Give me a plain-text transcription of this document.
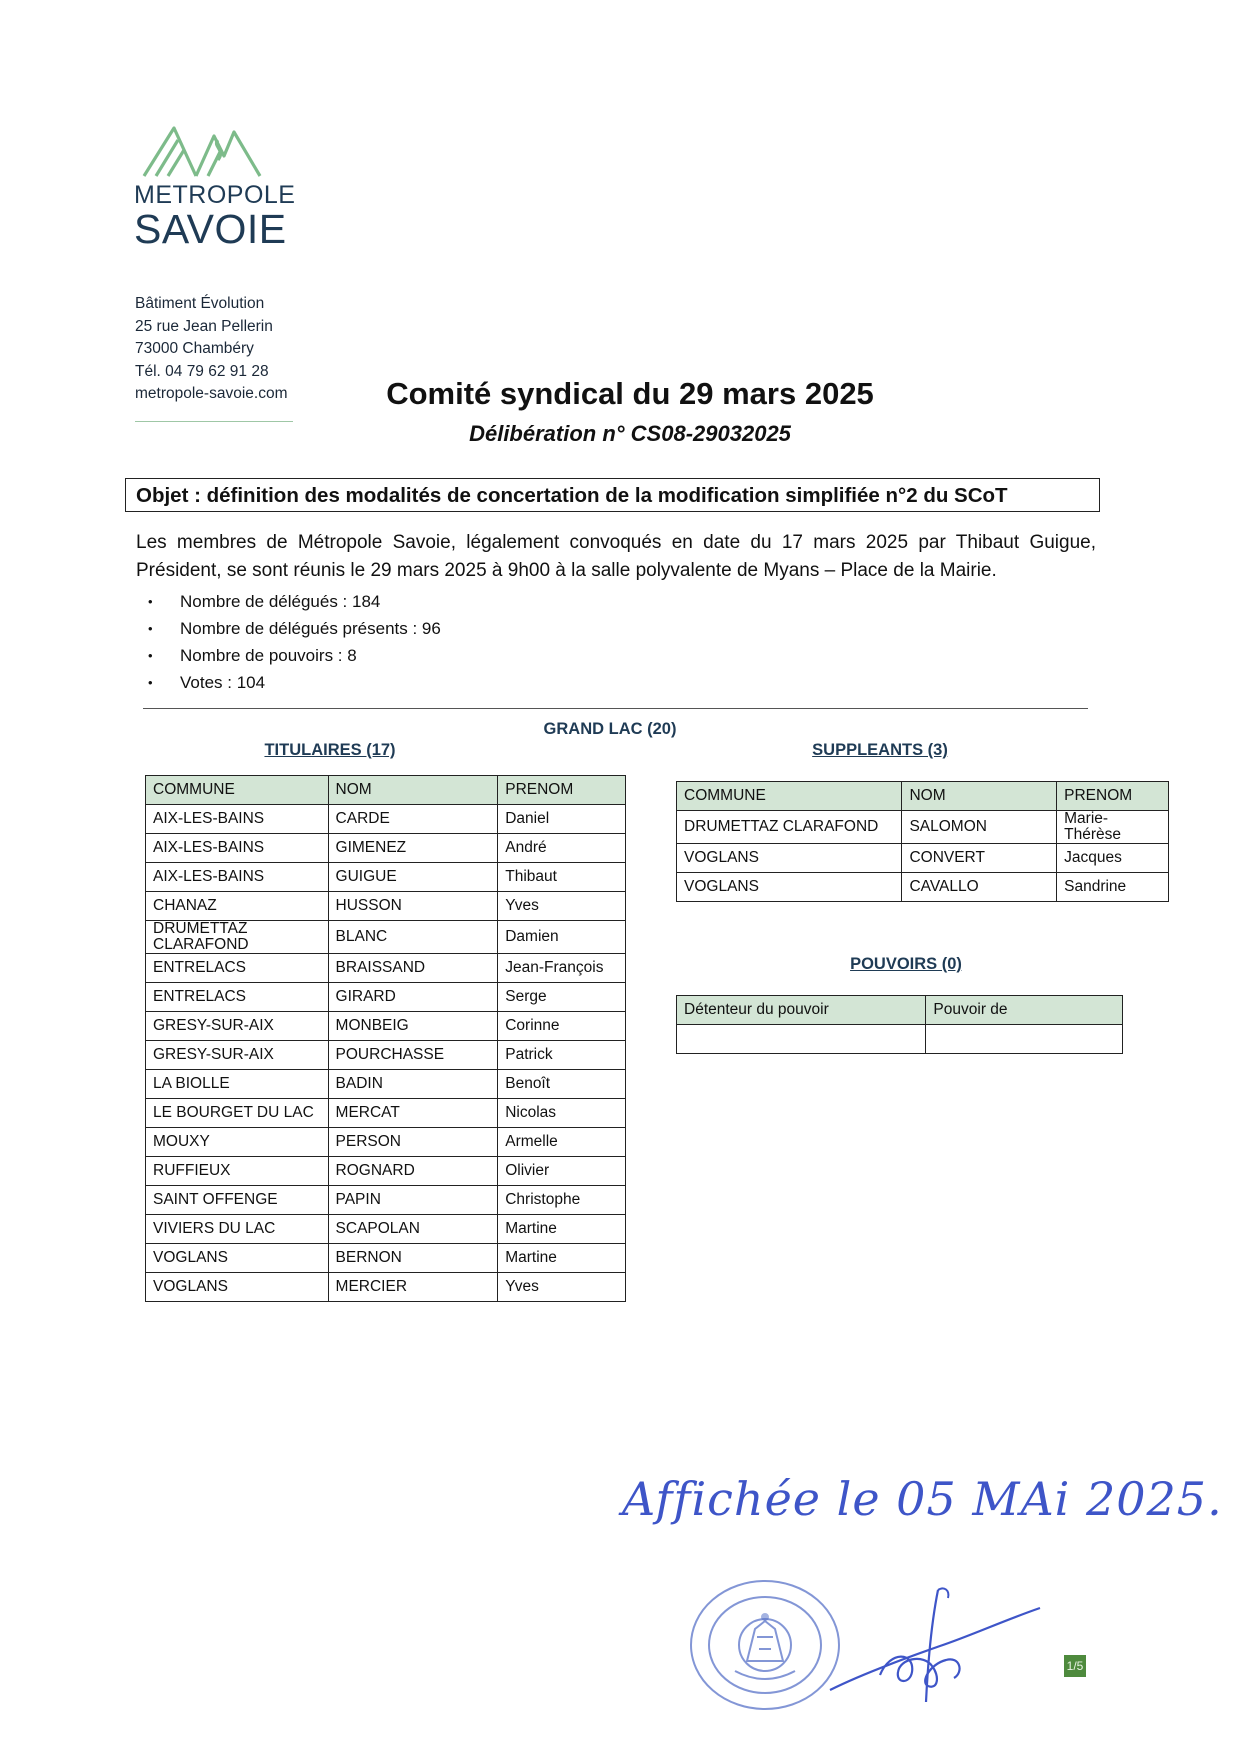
METROPOLE
SAVOIE
Bâtiment Évolution
25 rue Jean Pellerin
73000 Chambéry
Tél. 04 79 62 91 28
metropole-savoie.com	Comité syndical du 29 mars 2025
Délibération n° CS08-29032025
Objet : définition des modalités de concertation de la modification simplifiée n°2 du SCoT
Les membres de Métropole Savoie, légalement convoqués en date du 17 mars 2025 par Thibaut Guigue, Président, se sont réunis le 29 mars 2025 à 9h00 à la salle polyvalente de Myans – Place de la Mairie.
• Nombre de délégués : 184
• Nombre de délégués présents : 96
• Nombre de pouvoirs : 8
• Votes : 104
GRAND LAC (20)
TITULAIRES (17)
COMMUNE	NOM	PRENOM
AIX-LES-BAINS	CARDE	Daniel
AIX-LES-BAINS	GIMENEZ	André
AIX-LES-BAINS	GUIGUE	Thibaut
CHANAZ	HUSSON	Yves
DRUMETTAZ CLARAFOND	BLANC	Damien
ENTRELACS	BRAISSAND	Jean-François
ENTRELACS	GIRARD	Serge
GRESY-SUR-AIX	MONBEIG	Corinne
GRESY-SUR-AIX	POURCHASSE	Patrick
LA BIOLLE	BADIN	Benoît
LE BOURGET DU LAC	MERCAT	Nicolas
MOUXY	PERSON	Armelle
RUFFIEUX	ROGNARD	Olivier
SAINT OFFENGE	PAPIN	Christophe
VIVIERS DU LAC	SCAPOLAN	Martine
VOGLANS	BERNON	Martine
VOGLANS	MERCIER	Yves
SUPPLEANTS (3)
COMMUNE	NOM	PRENOM
DRUMETTAZ CLARAFOND	SALOMON	Marie-Thérèse
VOGLANS	CONVERT	Jacques
VOGLANS	CAVALLO	Sandrine
POUVOIRS (0)
Détenteur du pouvoir	Pouvoir de

Affichée le 05 MAi 2025.
1/5
